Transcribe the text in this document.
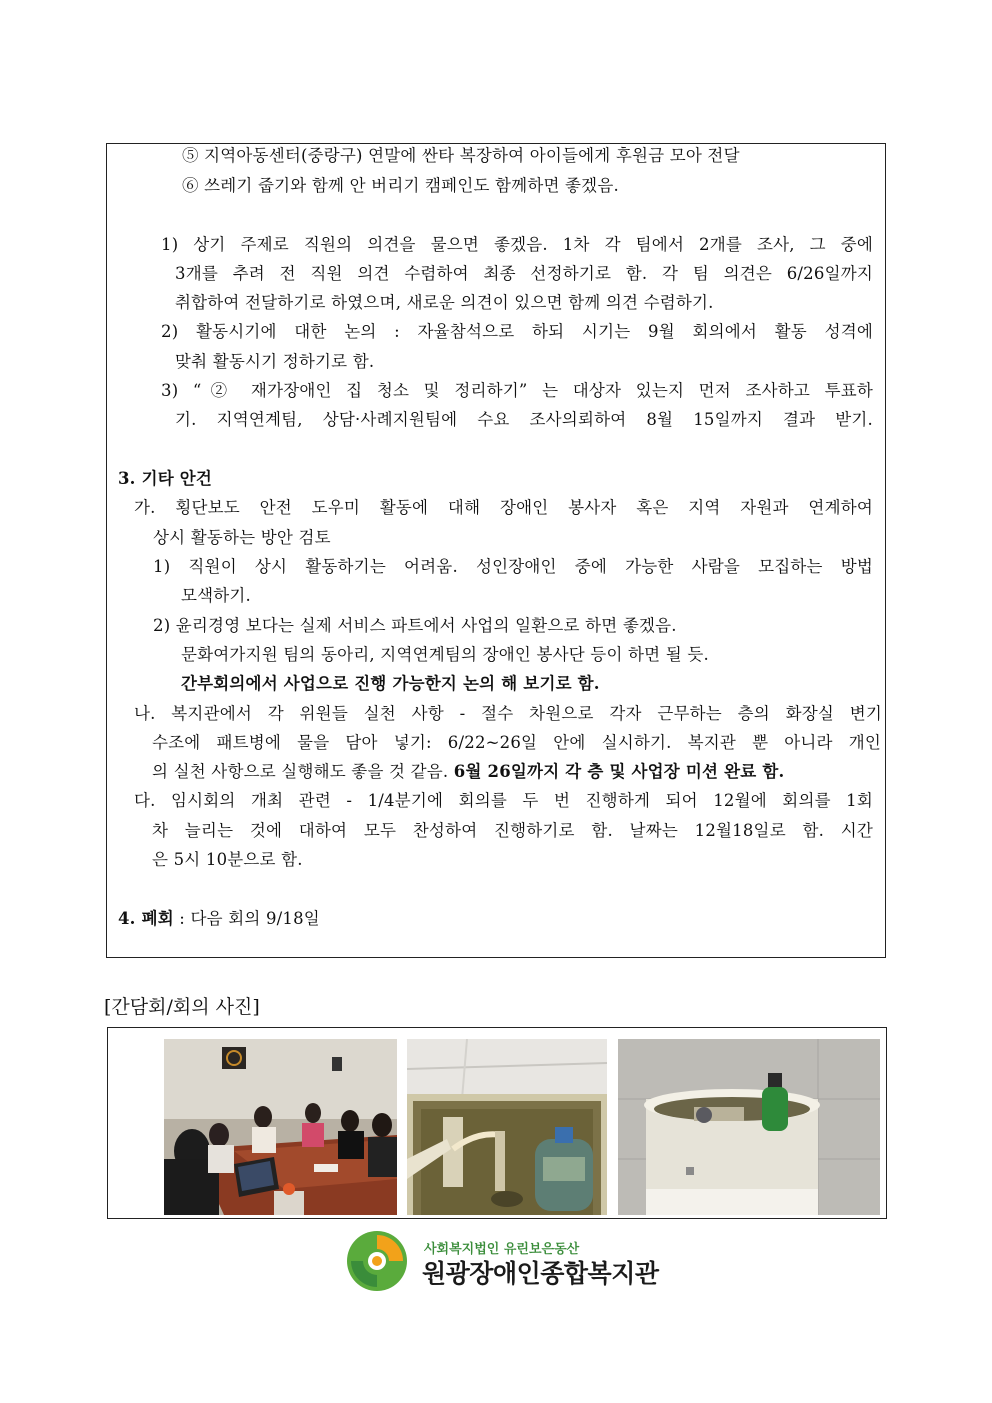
⑤ 지역아동센터(중랑구) 연말에 싼타 복장하여 아이들에게 후원금 모아 전달
⑥ 쓰레기 줍기와 함께 안 버리기 캠페인도 함께하면 좋겠음.
1) 상기 주제로 직원의 의견을 물으면 좋겠음. 1차 각 팀에서 2개를 조사, 그 중에
3개를 추려 전 직원 의견 수렴하여 최종 선정하기로 함. 각 팀 의견은 6/26일까지
취합하여 전달하기로 하였으며, 새로운 의견이 있으면 함께 의견 수렴하기.
2) 활동시기에 대한 논의 : 자율참석으로 하되 시기는 9월 회의에서 활동 성격에
맞춰 활동시기 정하기로 함.
3) “② 재가장애인 집 청소 및 정리하기” 는 대상자 있는지 먼저 조사하고 투표하
기. 지역연계팀, 상담·사례지원팀에 수요 조사의뢰하여 8월 15일까지 결과 받기.
3. 기타 안건
가. 횡단보도 안전 도우미 활동에 대해 장애인 봉사자 혹은 지역 자원과 연계하여
상시 활동하는 방안 검토
1) 직원이 상시 활동하기는 어려움. 성인장애인 중에 가능한 사람을 모집하는 방법
모색하기.
2) 윤리경영 보다는 실제 서비스 파트에서 사업의 일환으로 하면 좋겠음.
문화여가지원 팀의 동아리, 지역연계팀의 장애인 봉사단 등이 하면 될 듯.
간부회의에서 사업으로 진행 가능한지 논의 해 보기로 함.
나. 복지관에서 각 위원들 실천 사항 - 절수 차원으로 각자 근무하는 층의 화장실 변기
수조에 패트병에 물을 담아 넣기: 6/22~26일 안에 실시하기. 복지관 뿐 아니라 개인
의 실천 사항으로 실행해도 좋을 것 같음. 6월 26일까지 각 층 및 사업장 미션 완료 함.
다. 임시회의 개최 관련 - 1/4분기에 회의를 두 번 진행하게 되어 12월에 회의를 1회
차 늘리는 것에 대하여 모두 찬성하여 진행하기로 함. 날짜는 12월18일로 함. 시간
은 5시 10분으로 함.
4. 폐회 : 다음 회의 9/18일
[간담회/회의 사진]
사회복지법인 유린보은동산
원광장애인종합복지관
